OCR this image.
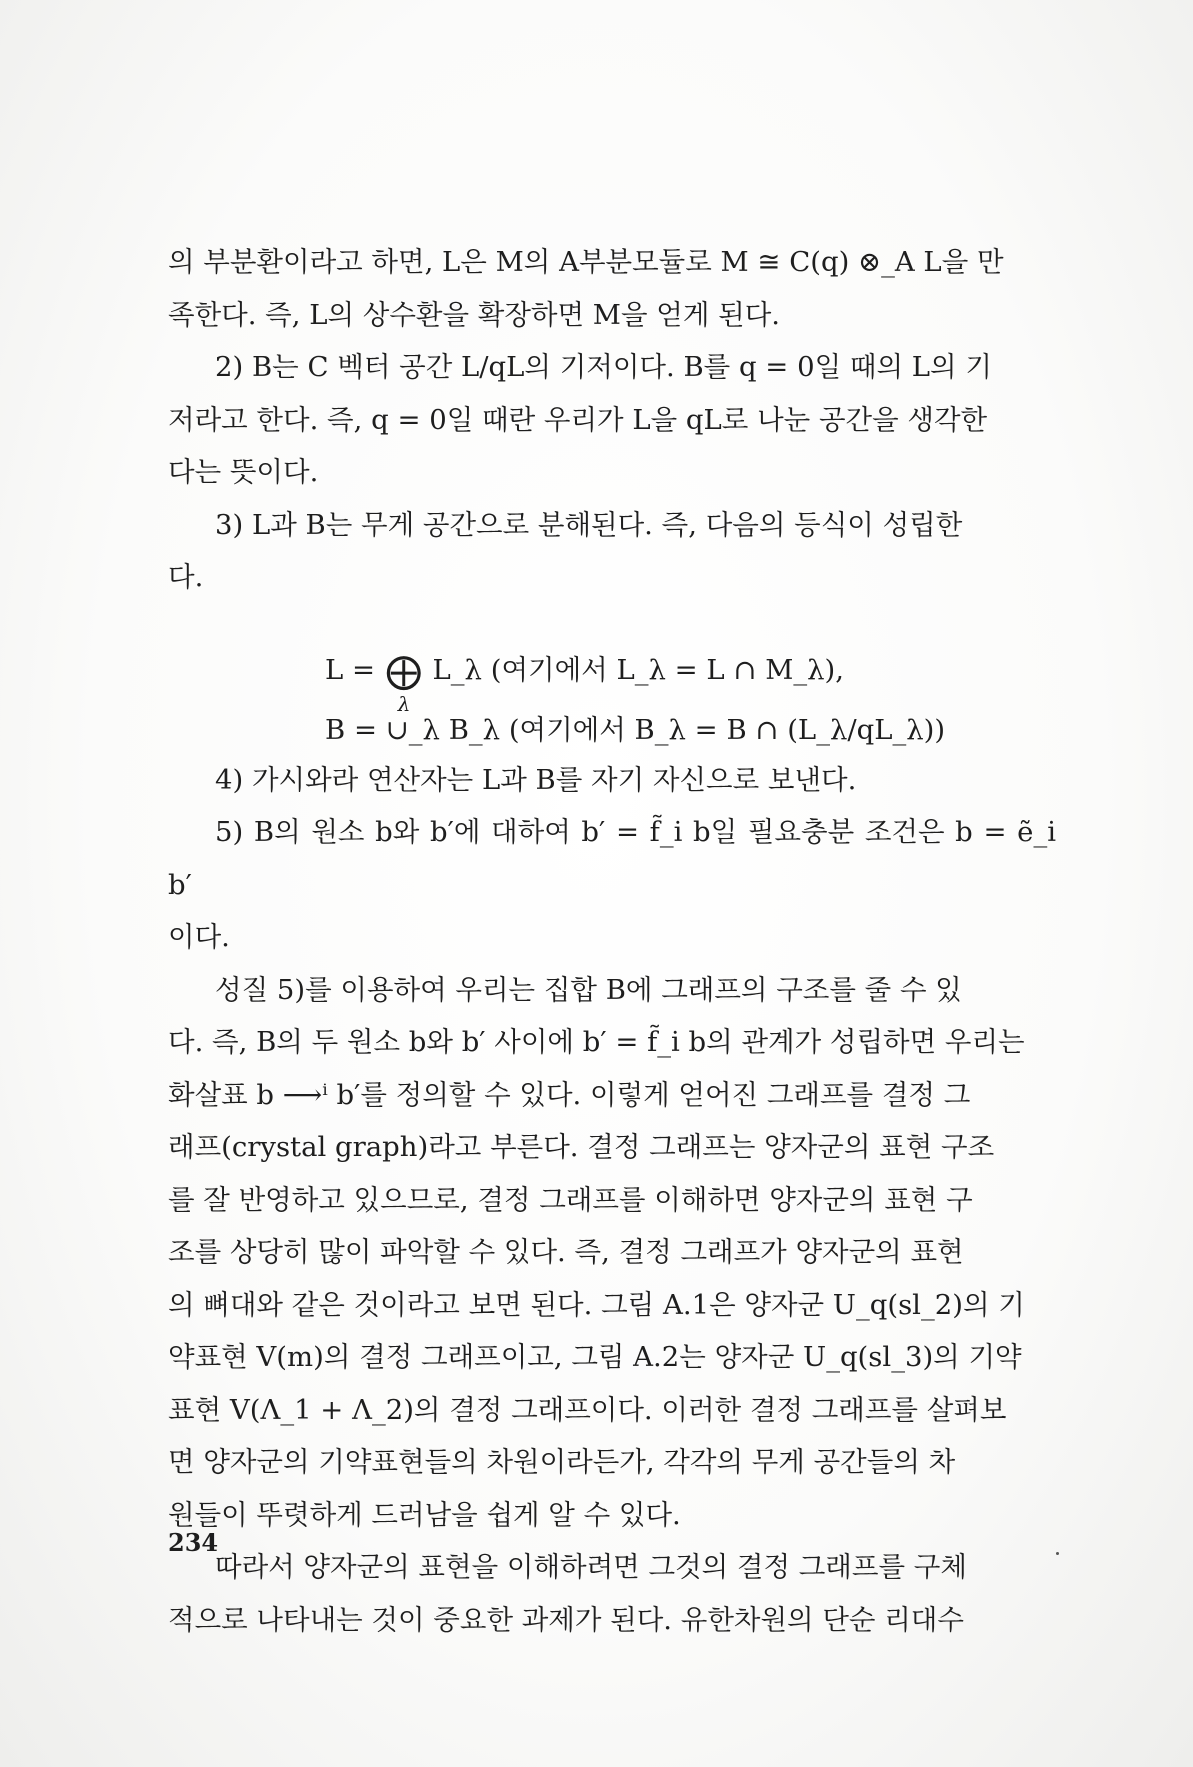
의 부분환이라고 하면, L은 M의 A부분모듈로 M ≅ C(q) ⊗_A L을 만

족한다. 즉, L의 상수환을 확장하면 M을 얻게 된다.

2) B는 C 벡터 공간 L/qL의 기저이다. B를 q = 0일 때의 L의 기

저라고 한다. 즉, q = 0일 때란 우리가 L을 qL로 나눈 공간을 생각한

다는 뜻이다.

3) L과 B는 무게 공간으로 분해된다. 즉, 다음의 등식이 성립한

다.

L = ⨁
λ
L_λ (여기에서 L_λ = L ∩ M_λ),
B = ∪_λ B_λ (여기에서 B_λ = B ∩ (L_λ/qL_λ))

4) 가시와라 연산자는 L과 B를 자기 자신으로 보낸다.

5) B의 원소 b와 b′에 대하여 b′ = f̃_i b일 필요충분 조건은 b = ẽ_i b′

이다.

성질 5)를 이용하여 우리는 집합 B에 그래프의 구조를 줄 수 있

다. 즉, B의 두 원소 b와 b′ 사이에 b′ = f̃_i b의 관계가 성립하면 우리는

화살표 b ⟶ⁱ b′를 정의할 수 있다. 이렇게 얻어진 그래프를 결정 그

래프(crystal graph)라고 부른다. 결정 그래프는 양자군의 표현 구조

를 잘 반영하고 있으므로, 결정 그래프를 이해하면 양자군의 표현 구

조를 상당히 많이 파악할 수 있다. 즉, 결정 그래프가 양자군의 표현

의 뼈대와 같은 것이라고 보면 된다. 그림 A.1은 양자군 U_q(sl_2)의 기

약표현 V(m)의 결정 그래프이고, 그림 A.2는 양자군 U_q(sl_3)의 기약

표현 V(Λ_1 + Λ_2)의 결정 그래프이다. 이러한 결정 그래프를 살펴보

면 양자군의 기약표현들의 차원이라든가, 각각의 무게 공간들의 차

원들이 뚜렷하게 드러남을 쉽게 알 수 있다.

따라서 양자군의 표현을 이해하려면 그것의 결정 그래프를 구체

적으로 나타내는 것이 중요한 과제가 된다. 유한차원의 단순 리대수

234
